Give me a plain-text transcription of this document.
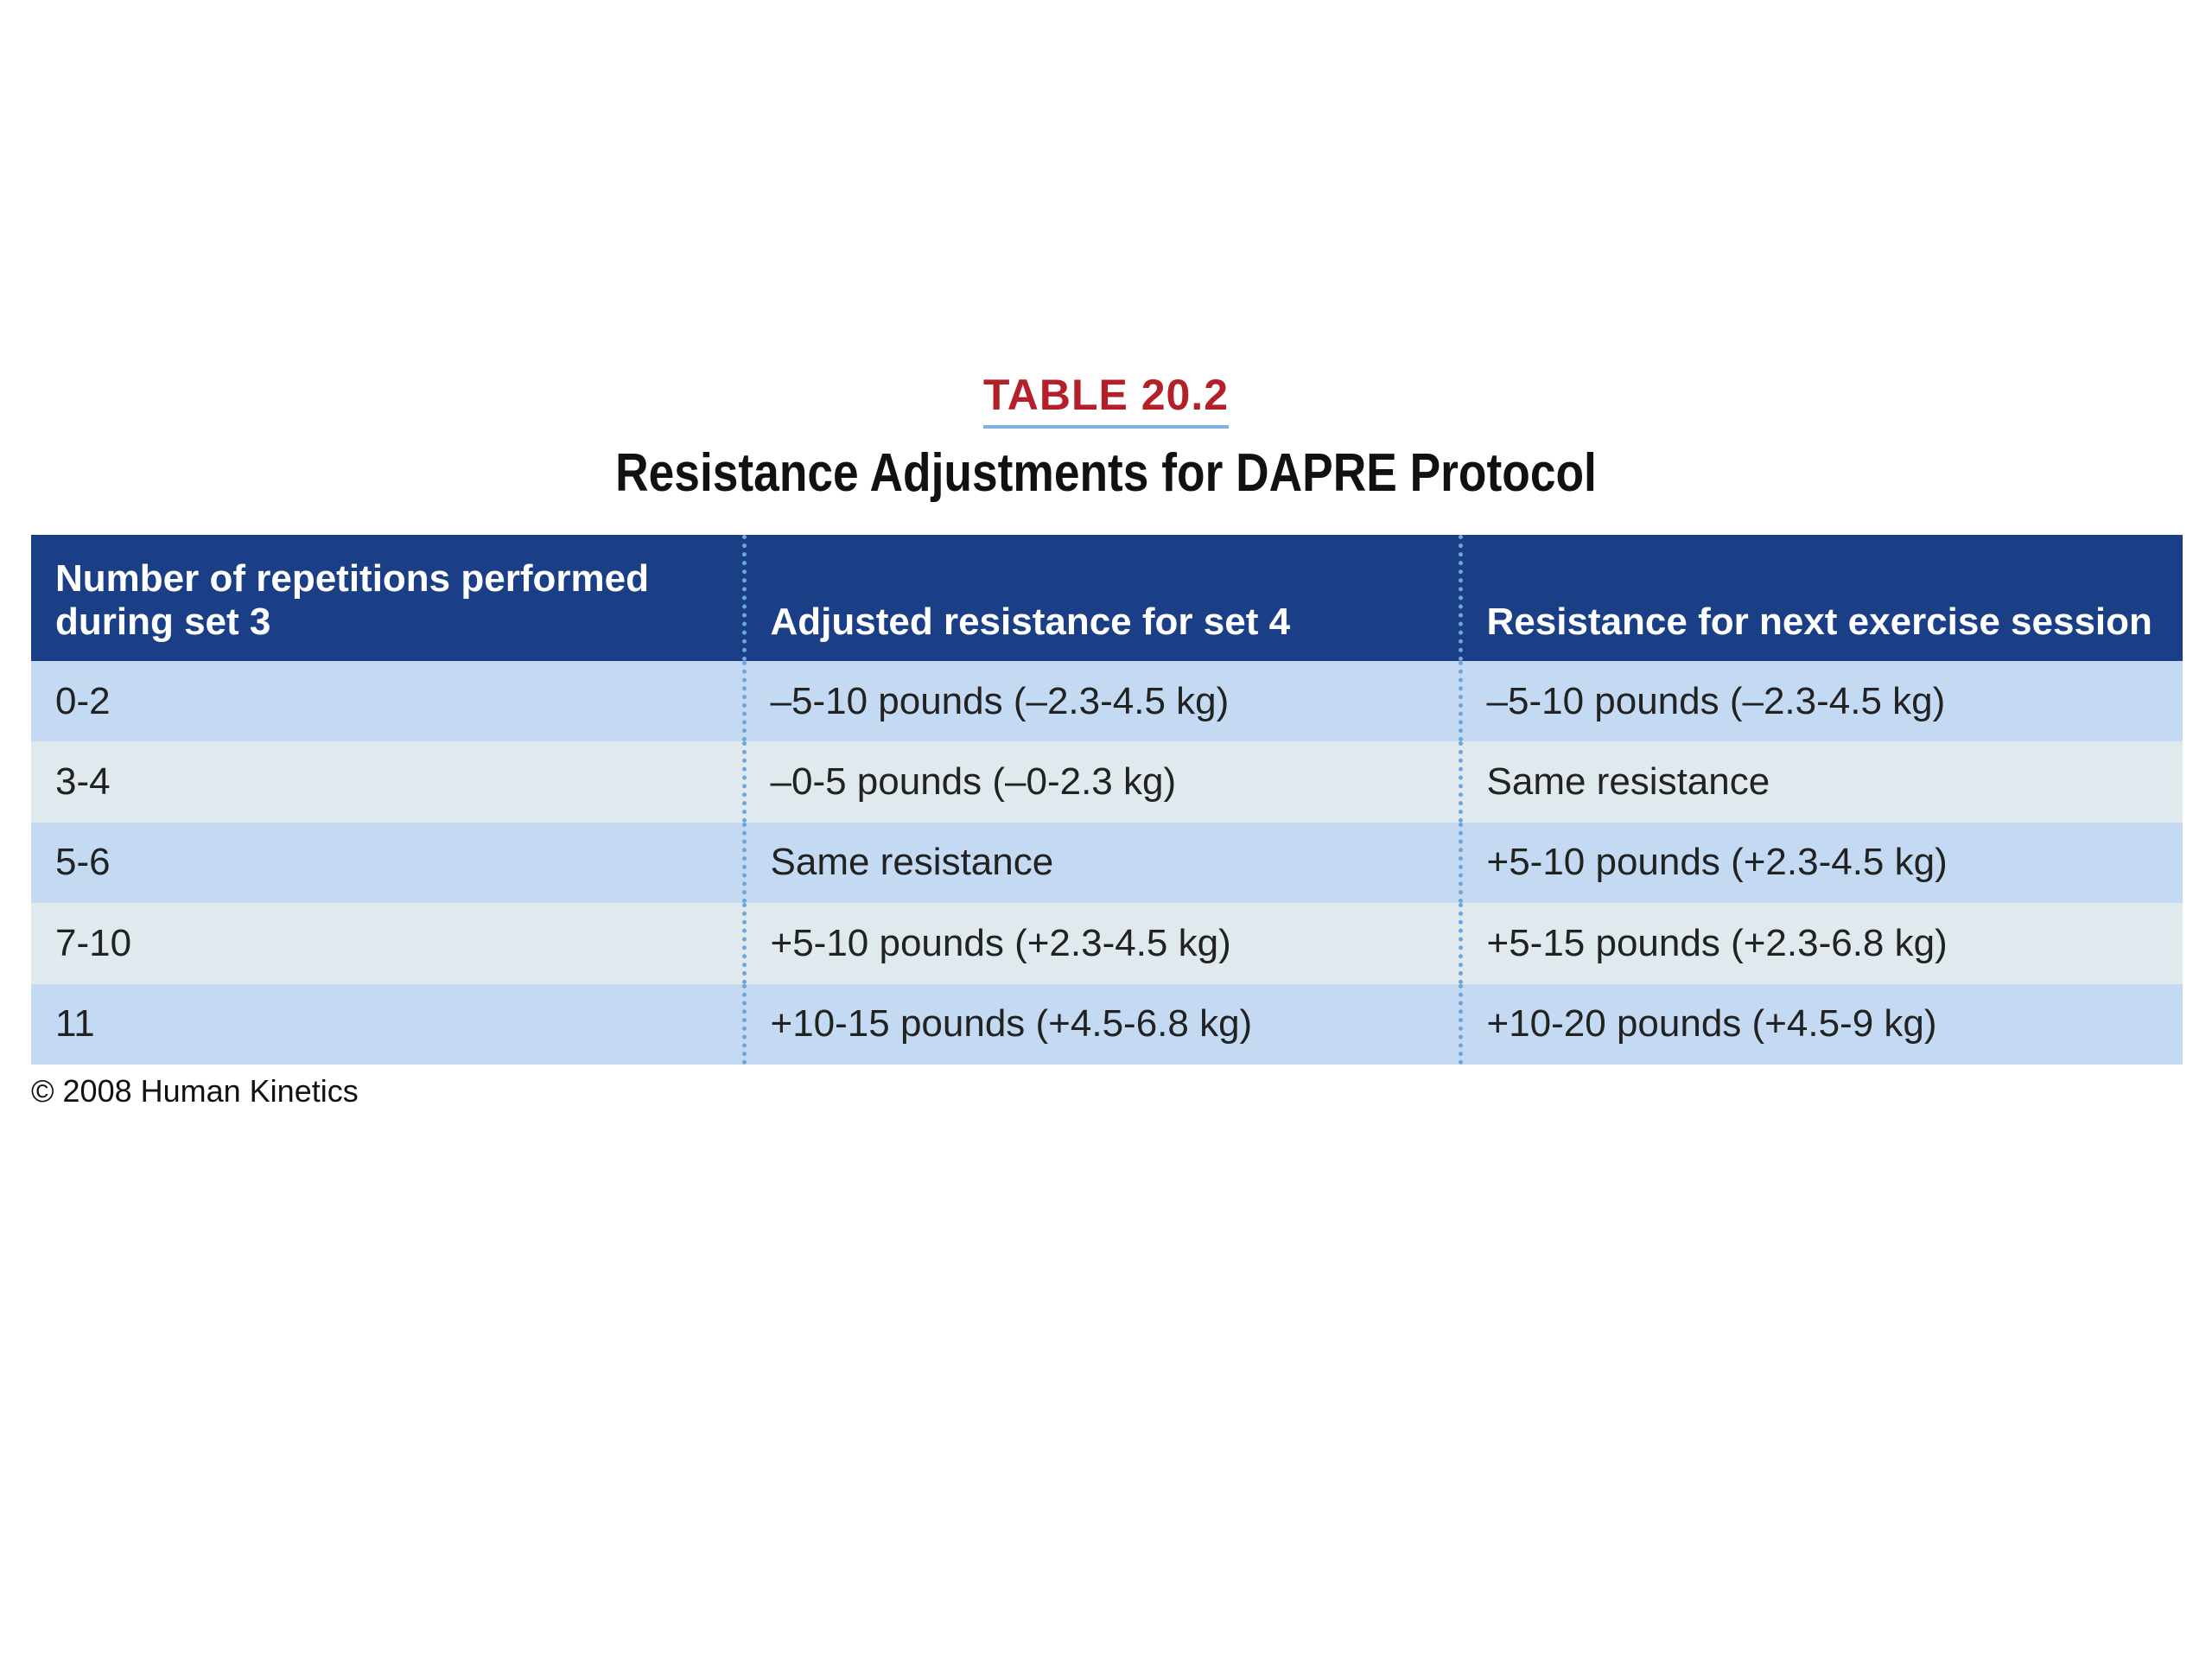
TABLE 20.2
Resistance Adjustments for DAPRE Protocol
Number of repetitions performed during set 3	Adjusted resistance for set 4	Resistance for next exercise session
0-2	–5-10 pounds (–2.3-4.5 kg)	–5-10 pounds (–2.3-4.5 kg)
3-4	–0-5 pounds (–0-2.3 kg)	Same resistance
5-6	Same resistance	+5-10 pounds (+2.3-4.5 kg)
7-10	+5-10 pounds (+2.3-4.5 kg)	+5-15 pounds (+2.3-6.8 kg)
11	+10-15 pounds (+4.5-6.8 kg)	+10-20 pounds (+4.5-9 kg)
© 2008 Human Kinetics
